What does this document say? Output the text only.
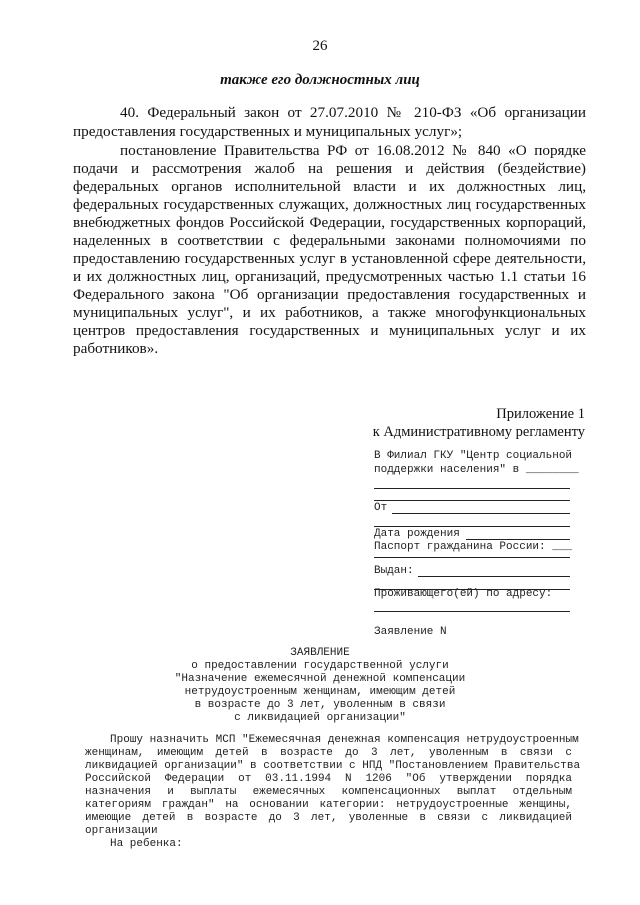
26
также его должностных лиц
40. Федеральный закон от 27.07.2010 № 210-ФЗ «Об организации
предоставления государственных и муниципальных услуг»;
постановление Правительства РФ от 16.08.2012 № 840 «О порядке
подачи и рассмотрения жалоб на решения и действия (бездействие)
федеральных органов исполнительной власти и их должностных лиц,
федеральных государственных служащих, должностных лиц государственных
внебюджетных фондов Российской Федерации, государственных корпораций,
наделенных в соответствии с федеральными законами полномочиями по
предоставлению государственных услуг в установленной сфере деятельности,
и их должностных лиц, организаций, предусмотренных частью 1.1 статьи 16
Федерального закона "Об организации предоставления государственных и
муниципальных услуг", и их работников, а также многофункциональных
центров предоставления государственных и муниципальных услуг и их
работников».
Приложение 1
к Административному регламенту
В Филиал ГКУ "Центр социальной
поддержки населения" в ________
От
Дата рождения
Паспорт гражданина России: ___
Выдан:
Проживающего(ей) по адресу:
Заявление N
ЗАЯВЛЕНИЕ
о предоставлении государственной услуги
"Назначение ежемесячной денежной компенсации
нетрудоустроенным женщинам, имеющим детей
в возрасте до 3 лет, уволенным в связи
с ликвидацией организации"
Прошу назначить МСП "Ежемесячная денежная компенсация нетрудоустроенным
женщинам, имеющим детей в возрасте до 3 лет, уволенным в связи с
ликвидацией организации" в соответствии с НПД "Постановлением Правительства
Российской Федерации от 03.11.1994 N 1206 "Об утверждении порядка
назначения и выплаты ежемесячных компенсационных выплат отдельным
категориям граждан" на основании категории: нетрудоустроенные женщины,
имеющие детей в возрасте до 3 лет, уволенные в связи с ликвидацией
организации
На ребенка:
